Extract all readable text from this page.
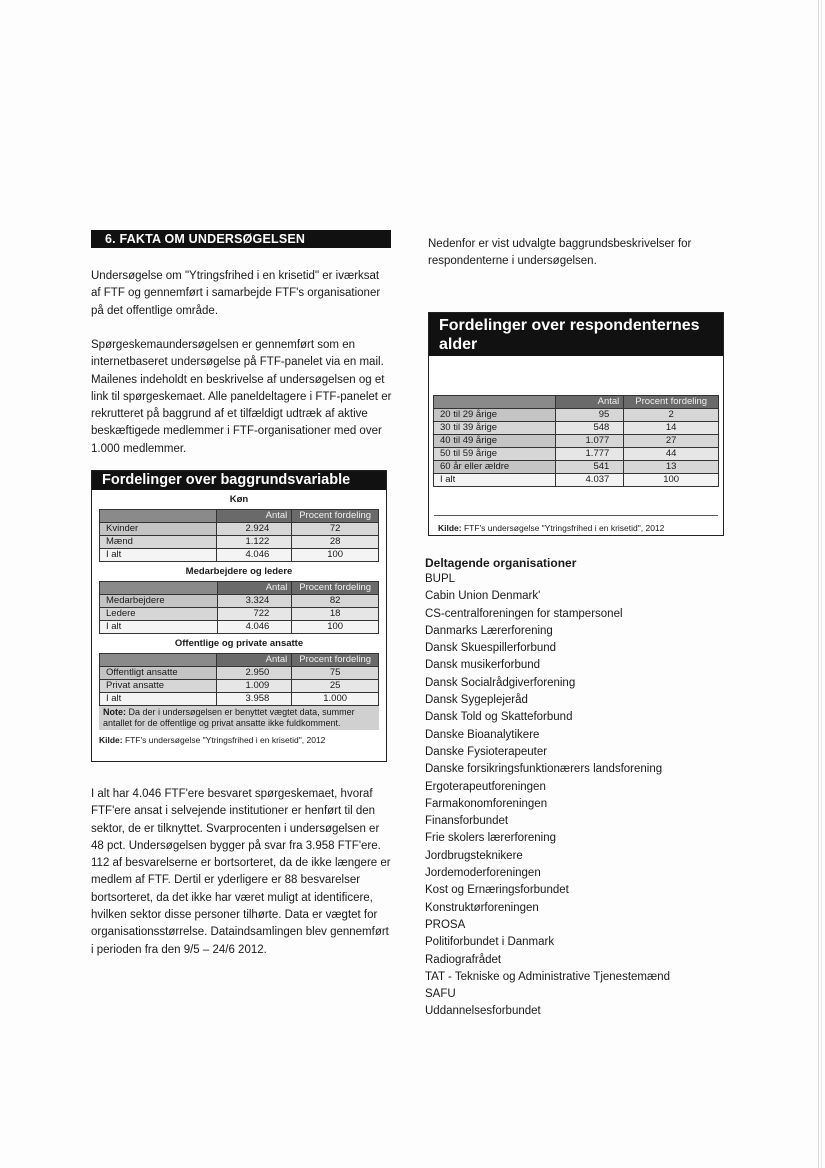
6. FAKTA OM UNDERSØGELSEN

Undersøgelse om "Ytringsfrihed i en krisetid" er iværksat af FTF og gennemført i samarbejde FTF's organisationer på det offentlige område.

Spørgeskemaundersøgelsen er gennemført som en internetbaseret undersøgelse på FTF-panelet via en mail. Mailenes indeholdt en beskrivelse af undersøgelsen og et link til spørgeskemaet. Alle paneldeltagere i FTF-panelet er rekrutteret på baggrund af et tilfældigt udtræk af aktive beskæftigede medlemmer i FTF-organisationer med over 1.000 medlemmer.

Fordelinger over baggrundsvariable

Køn

	Antal	Procent fordeling
Kvinder	2.924	72
Mænd	1.122	28
I alt	4.046	100

Medarbejdere og ledere

	Antal	Procent fordeling
Medarbejdere	3.324	82
Ledere	722	18
I alt	4.046	100

Offentlige og private ansatte

	Antal	Procent fordeling
Offentligt ansatte	2.950	75
Privat ansatte	1.009	25
I alt	3.958	1.000
Note: Da der i undersøgelsen er benyttet vægtet data, summer antallet for de offentlige og privat ansatte ikke fuldkomment.
Kilde: FTF's undersøgelse "Ytringsfrihed i en krisetid", 2012

I alt har 4.046 FTF'ere besvaret spørgeskemaet, hvoraf FTF'ere ansat i selvejende institutioner er henført til den sektor, de er tilknyttet. Svarprocenten i undersøgelsen er 48 pct. Undersøgelsen bygger på svar fra 3.958 FTF'ere. 112 af besvarelserne er bortsorteret, da de ikke længere er medlem af FTF. Dertil er yderligere er 88 besvarelser bortsorteret, da det ikke har været muligt at identificere, hvilken sektor disse personer tilhørte. Data er vægtet for organisationsstørrelse. Dataindsamlingen blev gennemført i perioden fra den 9/5 – 24/6 2012.

Nedenfor er vist udvalgte baggrundsbeskrivelser for respondenterne i undersøgelsen.

Fordelinger over respondenternes alder
	Antal	Procent fordeling
20 til 29 årige	95	2
30 til 39 årige	548	14
40 til 49 årige	1.077	27
50 til 59 årige	1.777	44
60 år eller ældre	541	13
I alt	4.037	100
Kilde: FTF's undersøgelse "Ytringsfrihed i en krisetid", 2012
Deltagende organisationer
BUPL
Cabin Union Denmark'
CS-centralforeningen for stampersonel
Danmarks Lærerforening
Dansk Skuespillerforbund
Dansk musikerforbund
Dansk Socialrådgiverforening
Dansk Sygeplejeråd
Dansk Told og Skatteforbund
Danske Bioanalytikere
Danske Fysioterapeuter
Danske forsikringsfunktionærers landsforening
Ergoterapeutforeningen
Farmakonomforeningen
Finansforbundet
Frie skolers lærerforening
Jordbrugsteknikere
Jordemoderforeningen
Kost og Ernæringsforbundet
Konstruktørforeningen
PROSA
Politiforbundet i Danmark
Radiografrådet
TAT - Tekniske og Administrative Tjenestemænd
SAFU
Uddannelsesforbundet
